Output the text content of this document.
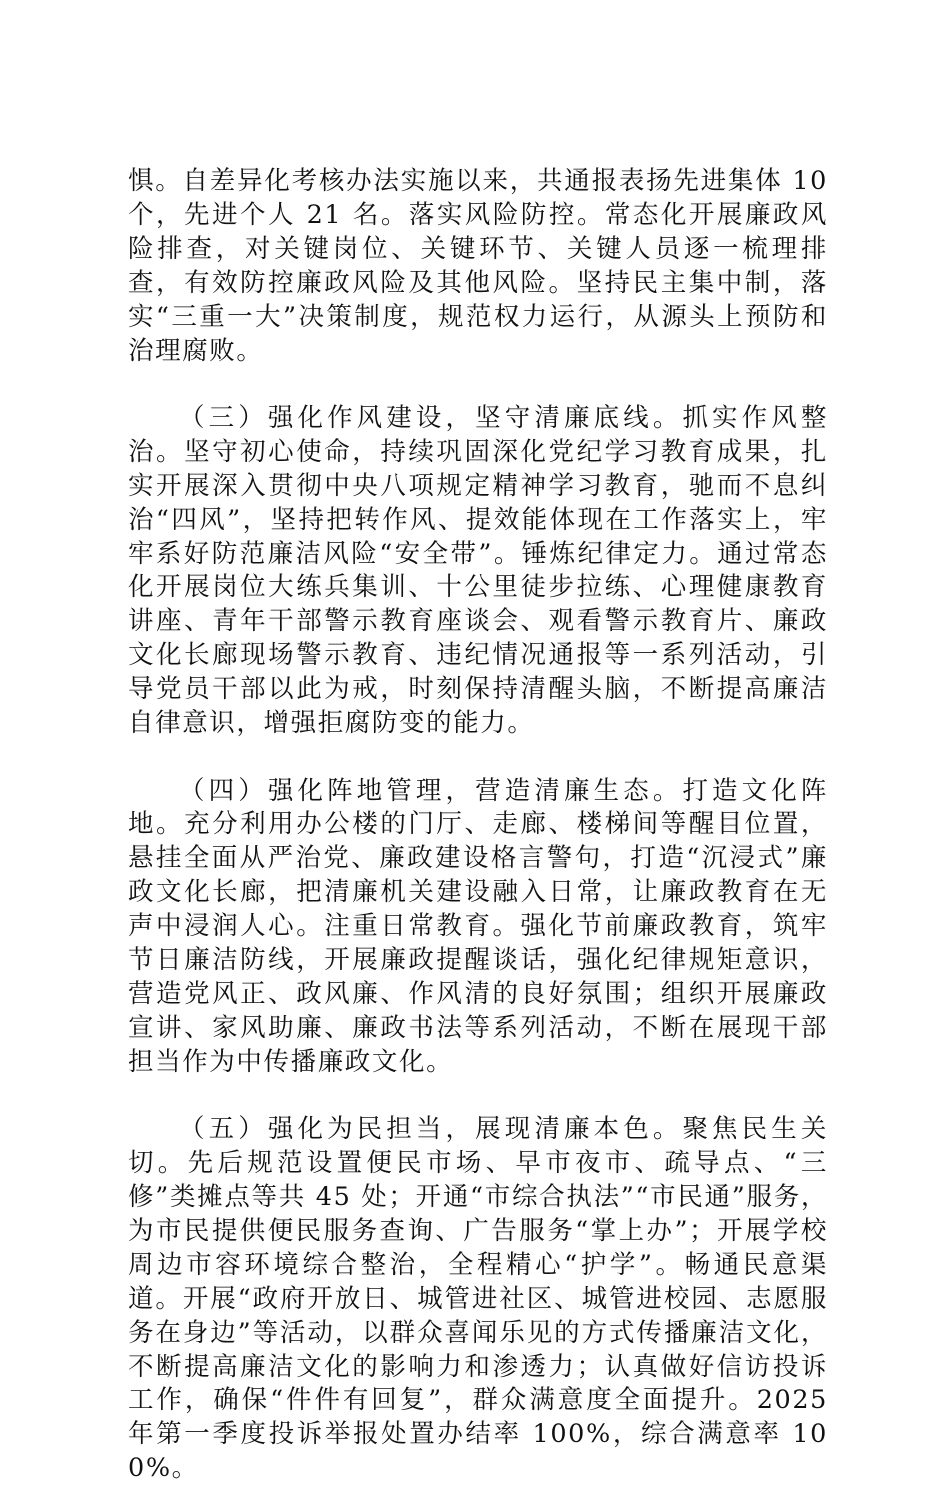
惧。自差异化考核办法实施以来，共通报表扬先进集体 10 个，先进个人 21 名。落实风险防控。常态化开展廉政风险排查，对关键岗位、关键环节、关键人员逐一梳理排查，有效防控廉政风险及其他风险。坚持民主集中制，落实“三重一大”决策制度，规范权力运行，从源头上预防和治理腐败。

（三）强化作风建设，坚守清廉底线。抓实作风整治。坚守初心使命，持续巩固深化党纪学习教育成果，扎实开展深入贯彻中央八项规定精神学习教育，驰而不息纠治“四风”，坚持把转作风、提效能体现在工作落实上，牢牢系好防范廉洁风险“安全带”。锤炼纪律定力。通过常态化开展岗位大练兵集训、十公里徒步拉练、心理健康教育讲座、青年干部警示教育座谈会、观看警示教育片、廉政文化长廊现场警示教育、违纪情况通报等一系列活动，引导党员干部以此为戒，时刻保持清醒头脑，不断提高廉洁自律意识，增强拒腐防变的能力。

（四）强化阵地管理，营造清廉生态。打造文化阵地。充分利用办公楼的门厅、走廊、楼梯间等醒目位置，悬挂全面从严治党、廉政建设格言警句，打造“沉浸式”廉政文化长廊，把清廉机关建设融入日常，让廉政教育在无声中浸润人心。注重日常教育。强化节前廉政教育，筑牢节日廉洁防线，开展廉政提醒谈话，强化纪律规矩意识，营造党风正、政风廉、作风清的良好氛围；组织开展廉政宣讲、家风助廉、廉政书法等系列活动，不断在展现干部担当作为中传播廉政文化。

（五）强化为民担当，展现清廉本色。聚焦民生关切。先后规范设置便民市场、早市夜市、疏导点、“三修”类摊点等共 45 处；开通“市综合执法”“市民通”服务，为市民提供便民服务查询、广告服务“掌上办”；开展学校周边市容环境综合整治，全程精心“护学”。畅通民意渠道。开展“政府开放日、城管进社区、城管进校园、志愿服务在身边”等活动，以群众喜闻乐见的方式传播廉洁文化，不断提高廉洁文化的影响力和渗透力；认真做好信访投诉工作，确保“件件有回复”，群众满意度全面提升。2025 年第一季度投诉举报处置办结率 100%，综合满意率 100%。
